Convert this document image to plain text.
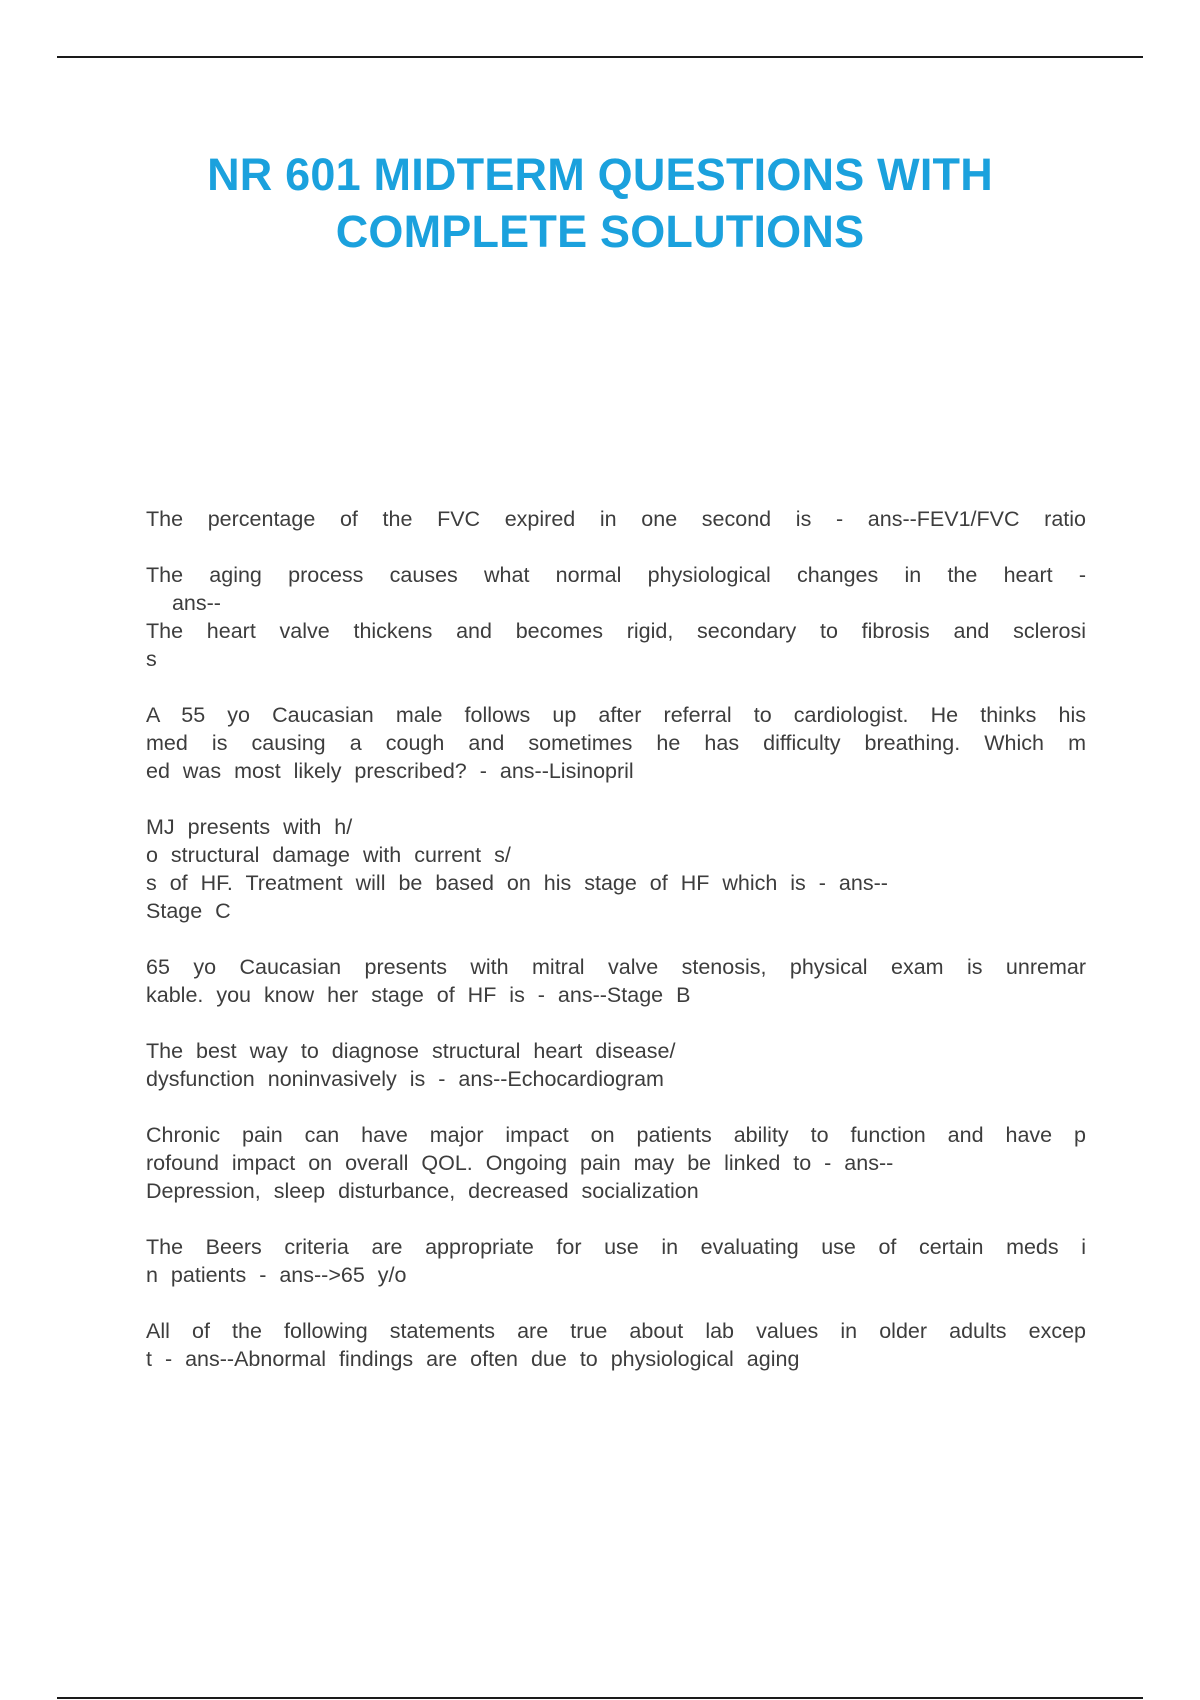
NR 601 MIDTERM QUESTIONS WITH
COMPLETE SOLUTIONS
The percentage of the FVC expired in one second is - ans--FEV1/FVC ratio
The aging process causes what normal physiological changes in the heart -
ans--
The heart valve thickens and becomes rigid, secondary to fibrosis and sclerosi
s
A 55 yo Caucasian male follows up after referral to cardiologist. He thinks his
med is causing a cough and sometimes he has difficulty breathing. Which m
ed was most likely prescribed? - ans--Lisinopril
MJ presents with h/
o structural damage with current s/
s of HF. Treatment will be based on his stage of HF which is - ans--
Stage C
65 yo Caucasian presents with mitral valve stenosis, physical exam is unremar
kable. you know her stage of HF is - ans--Stage B
The best way to diagnose structural heart disease/
dysfunction noninvasively is - ans--Echocardiogram
Chronic pain can have major impact on patients ability to function and have p
rofound impact on overall QOL. Ongoing pain may be linked to - ans--
Depression, sleep disturbance, decreased socialization
The Beers criteria are appropriate for use in evaluating use of certain meds i
n patients - ans-->65 y/o
All of the following statements are true about lab values in older adults excep
t - ans--Abnormal findings are often due to physiological aging
